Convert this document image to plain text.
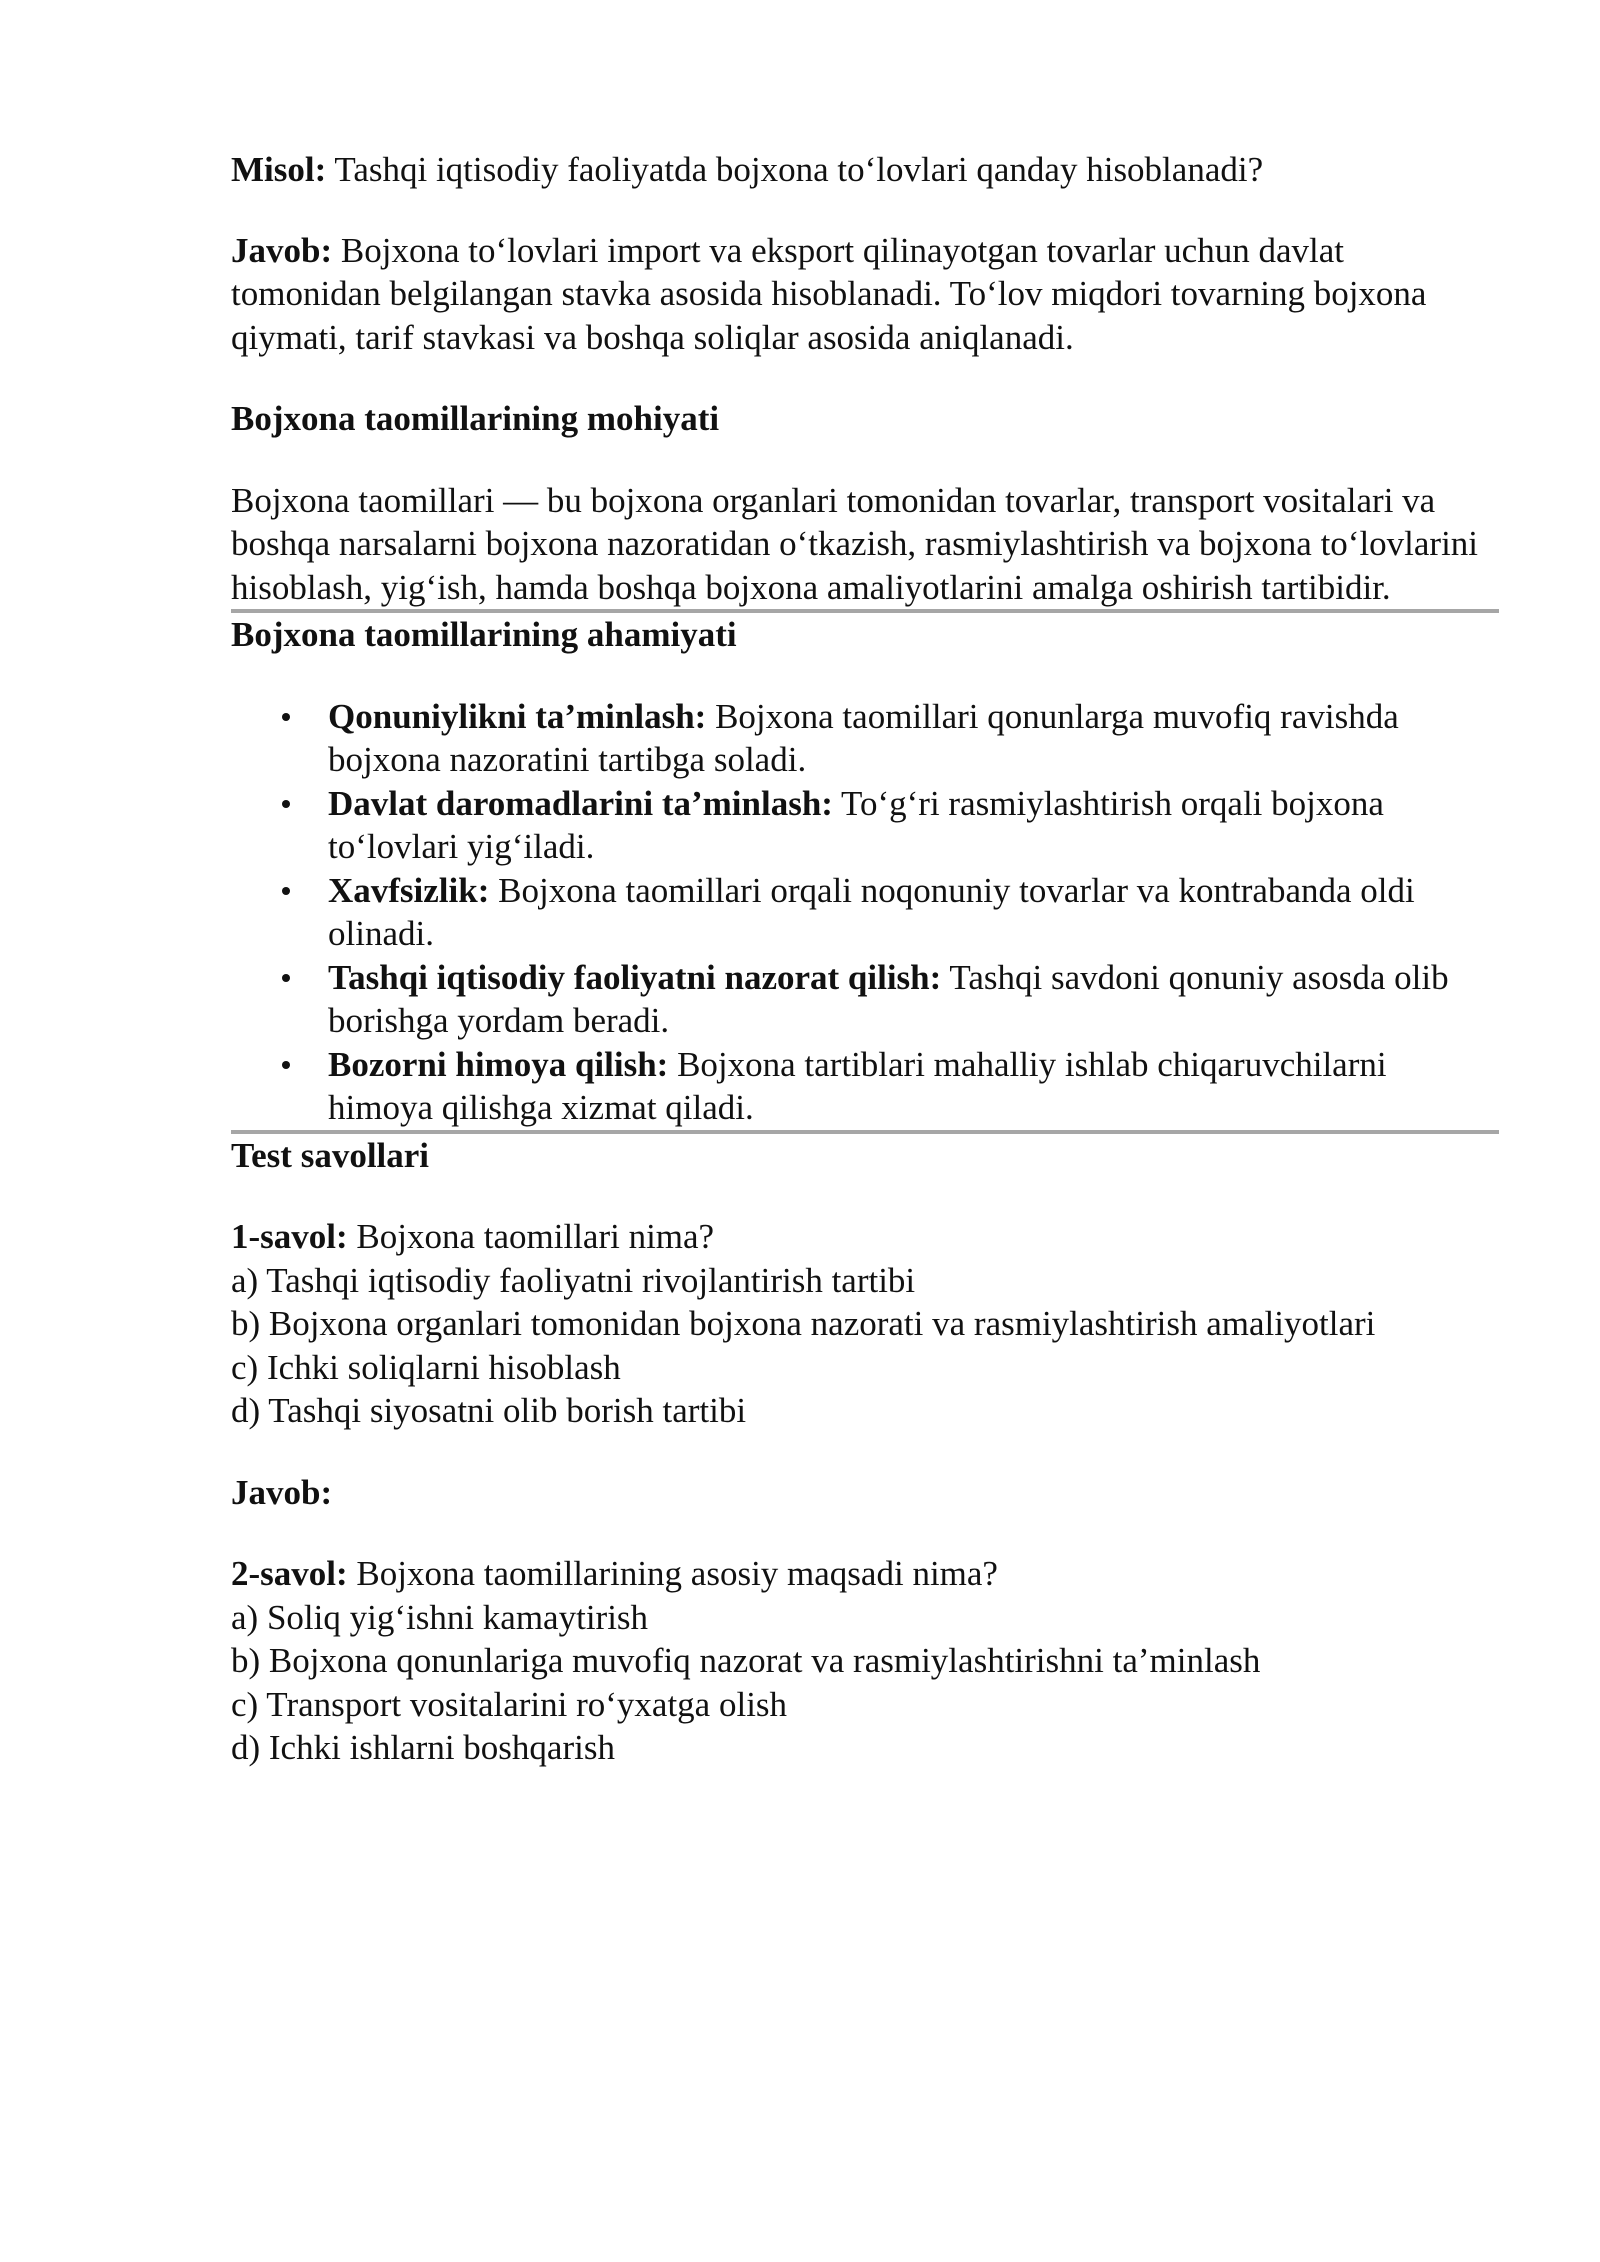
Misol: Tashqi iqtisodiy faoliyatda bojxona to‘lovlari qanday hisoblanadi?

Javob: Bojxona to‘lovlari import va eksport qilinayotgan tovarlar uchun davlat tomonidan belgilangan stavka asosida hisoblanadi. To‘lov miqdori tovarning bojxona qiymati, tarif stavkasi va boshqa soliqlar asosida aniqlanadi.

Bojxona taomillarining mohiyati

Bojxona taomillari — bu bojxona organlari tomonidan tovarlar, transport vositalari va boshqa narsalarni bojxona nazoratidan o‘tkazish, rasmiylashtirish va bojxona to‘lovlarini hisoblash, yig‘ish, hamda boshqa bojxona amaliyotlarini amalga oshirish tartibidir.

Bojxona taomillarining ahamiyati

Qonuniylikni ta’minlash: Bojxona taomillari qonunlarga muvofiq ravishda bojxona nazoratini tartibga soladi.
Davlat daromadlarini ta’minlash: To‘g‘ri rasmiylashtirish orqali bojxona to‘lovlari yig‘iladi.
Xavfsizlik: Bojxona taomillari orqali noqonuniy tovarlar va kontrabanda oldi olinadi.
Tashqi iqtisodiy faoliyatni nazorat qilish: Tashqi savdoni qonuniy asosda olib borishga yordam beradi.
Bozorni himoya qilish: Bojxona tartiblari mahalliy ishlab chiqaruvchilarni himoya qilishga xizmat qiladi.

Test savollari

1-savol: Bojxona taomillari nima?

a) Tashqi iqtisodiy faoliyatni rivojlantirish tartibi
b) Bojxona organlari tomonidan bojxona nazorati va rasmiylashtirish amaliyotlari
c) Ichki soliqlarni hisoblash
d) Tashqi siyosatni olib borish tartibi

Javob:

2-savol: Bojxona taomillarining asosiy maqsadi nima?

a) Soliq yig‘ishni kamaytirish
b) Bojxona qonunlariga muvofiq nazorat va rasmiylashtirishni ta’minlash
c) Transport vositalarini ro‘yxatga olish
d) Ichki ishlarni boshqarish
